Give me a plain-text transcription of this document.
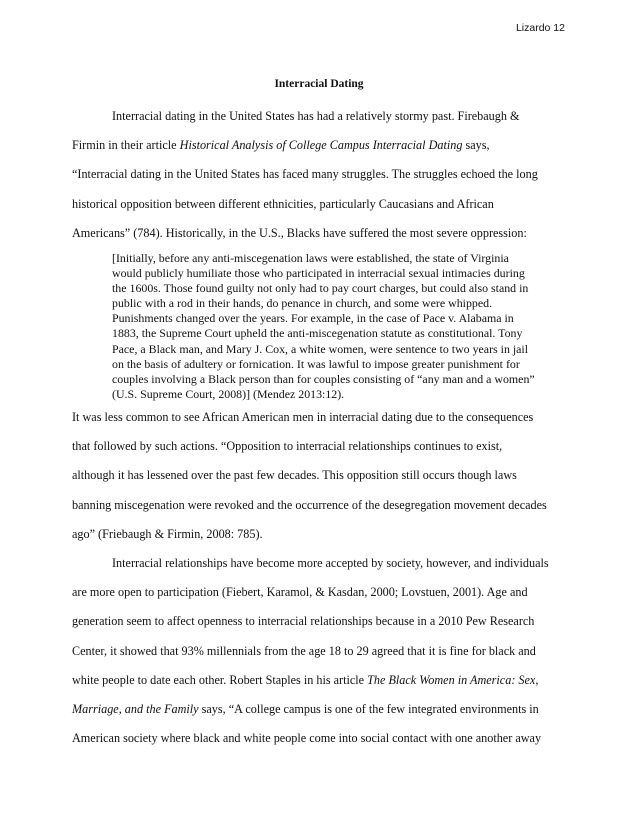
Lizardo 12
Interracial Dating
Interracial dating in the United States has had a relatively stormy past. Firebaugh &
Firmin in their article Historical Analysis of College Campus Interracial Dating says,
“Interracial dating in the United States has faced many struggles. The struggles echoed the long
historical opposition between different ethnicities, particularly Caucasians and African
Americans” (784). Historically, in the U.S., Blacks have suffered the most severe oppression:
[Initially, before any anti-miscegenation laws were established, the state of Virginia
would publicly humiliate those who participated in interracial sexual intimacies during
the 1600s. Those found guilty not only had to pay court charges, but could also stand in
public with a rod in their hands, do penance in church, and some were whipped.
Punishments changed over the years. For example, in the case of Pace v. Alabama in
1883, the Supreme Court upheld the anti-miscegenation statute as constitutional. Tony
Pace, a Black man, and Mary J. Cox, a white women, were sentence to two years in jail
on the basis of adultery or fornication. It was lawful to impose greater punishment for
couples involving a Black person than for couples consisting of “any man and a women”
(U.S. Supreme Court, 2008)] (Mendez 2013:12).
It was less common to see African American men in interracial dating due to the consequences
that followed by such actions. “Opposition to interracial relationships continues to exist,
although it has lessened over the past few decades. This opposition still occurs though laws
banning miscegenation were revoked and the occurrence of the desegregation movement decades
ago” (Friebaugh & Firmin, 2008: 785).
Interracial relationships have become more accepted by society, however, and individuals
are more open to participation (Fiebert, Karamol, & Kasdan, 2000; Lovstuen, 2001). Age and
generation seem to affect openness to interracial relationships because in a 2010 Pew Research
Center, it showed that 93% millennials from the age 18 to 29 agreed that it is fine for black and
white people to date each other. Robert Staples in his article The Black Women in America: Sex,
Marriage, and the Family says, “A college campus is one of the few integrated environments in
American society where black and white people come into social contact with one another away
